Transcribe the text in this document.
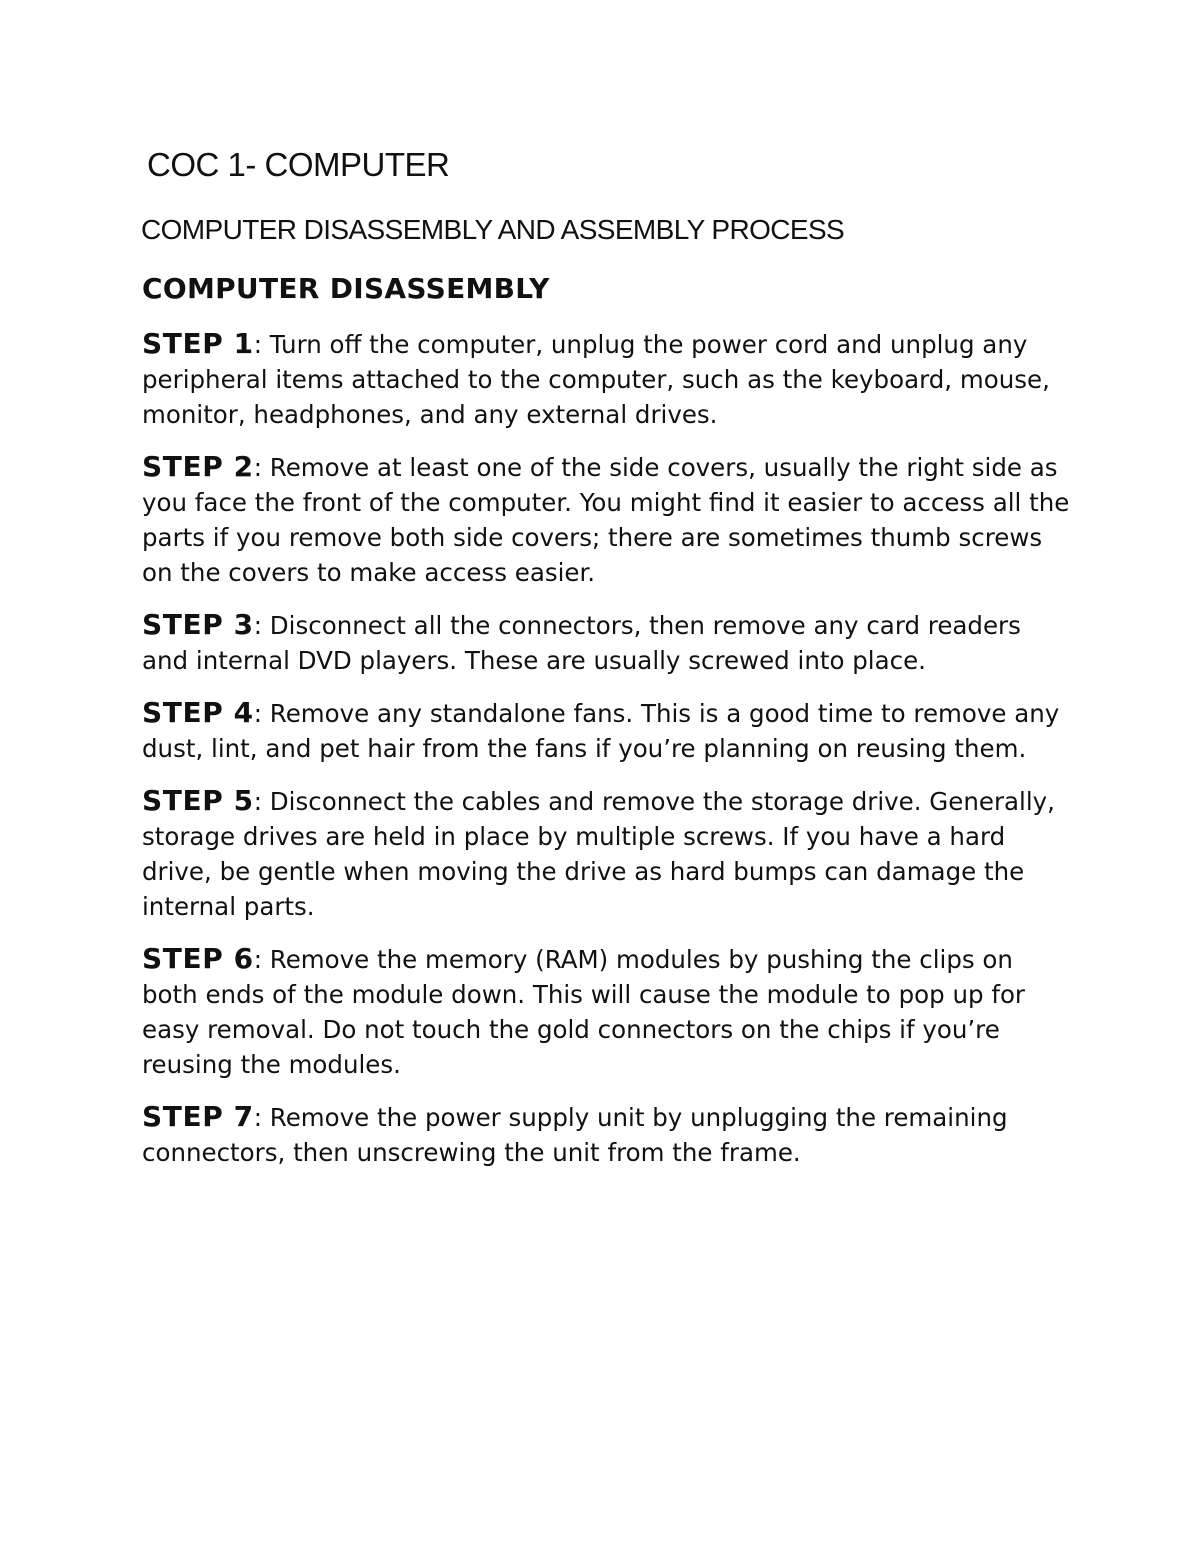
COC 1- COMPUTER
COMPUTER DISASSEMBLY AND ASSEMBLY PROCESS
COMPUTER DISASSEMBLY

STEP 1: Turn off the computer, unplug the power cord and unplug any peripheral items attached to the computer, such as the keyboard, mouse, monitor, headphones, and any external drives.

STEP 2: Remove at least one of the side covers, usually the right side as you face the front of the computer. You might find it easier to access all the parts if you remove both side covers; there are sometimes thumb screws on the covers to make access easier.

STEP 3: Disconnect all the connectors, then remove any card readers and internal DVD players. These are usually screwed into place.

STEP 4: Remove any standalone fans. This is a good time to remove any dust, lint, and pet hair from the fans if you’re planning on reusing them.

STEP 5: Disconnect the cables and remove the storage drive. Generally, storage drives are held in place by multiple screws. If you have a hard drive, be gentle when moving the drive as hard bumps can damage the internal parts.

STEP 6: Remove the memory (RAM) modules by pushing the clips on both ends of the module down. This will cause the module to pop up for easy removal. Do not touch the gold connectors on the chips if you’re reusing the modules.

STEP 7: Remove the power supply unit by unplugging the remaining connectors, then unscrewing the unit from the frame.
